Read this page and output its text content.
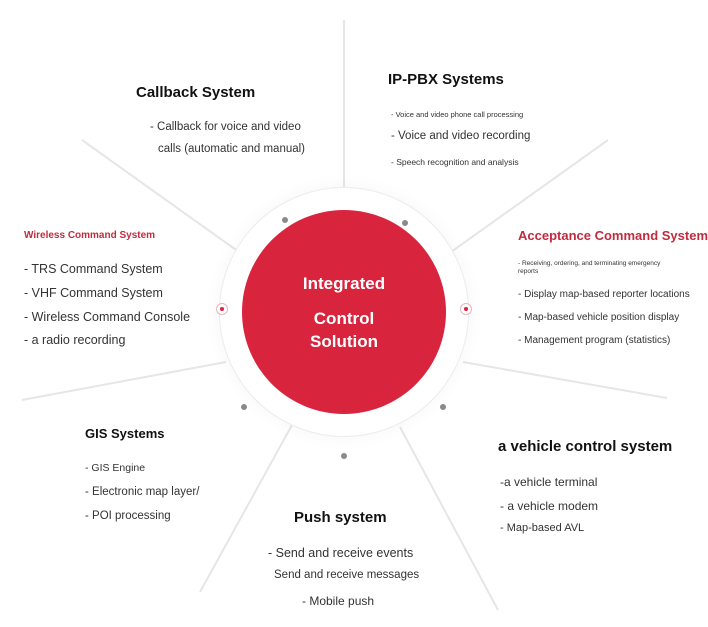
Integrated
Control
Solution
Callback System
- Callback for voice and video
calls (automatic and manual)
IP-PBX Systems
- Voice and video phone call processing
- Voice and video recording
- Speech recognition and analysis
Wireless Command System
- TRS Command System
- VHF Command System
- Wireless Command Console
- a radio recording
Acceptance Command System
- Receiving, ordering, and terminating emergency
reports
- Display map-based reporter locations
- Map-based vehicle position display
- Management program (statistics)
GIS Systems
- GIS Engine
- Electronic map layer/
- POI processing
a vehicle control system
-a vehicle terminal
- a vehicle modem
- Map-based AVL
Push system
- Send and receive events
Send and receive messages
- Mobile push
